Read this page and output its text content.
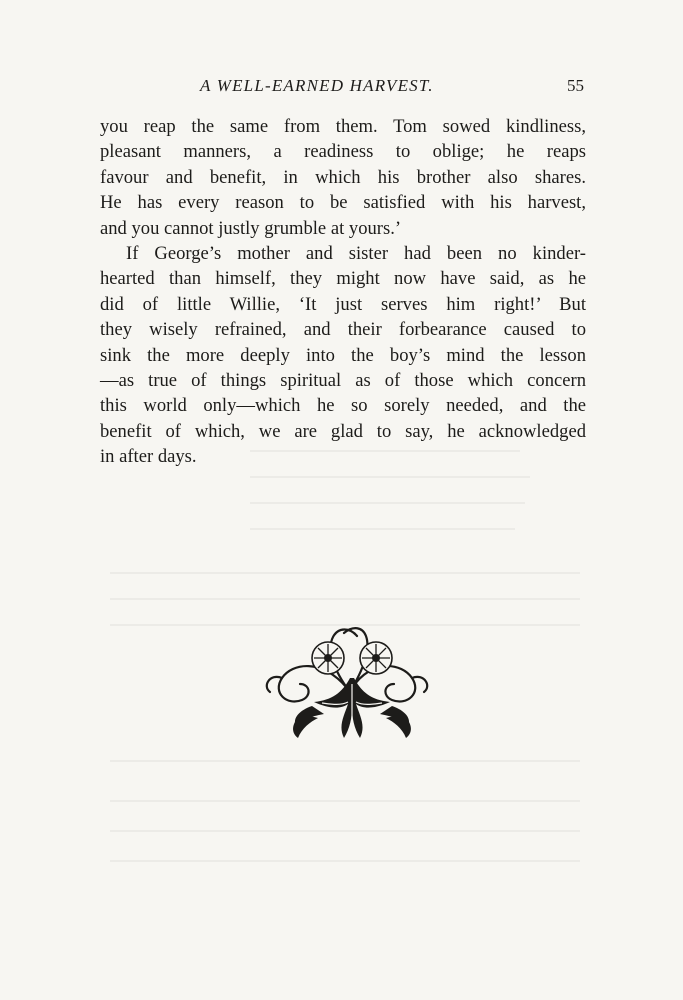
A WELL-EARNED HARVEST.	55
you reap the same from them. Tom sowed kindliness,
pleasant manners, a readiness to oblige; he reaps
favour and benefit, in which his brother also shares.
He has every reason to be satisfied with his harvest,
and you cannot justly grumble at yours.’
If George’s mother and sister had been no kinder-
hearted than himself, they might now have said, as he
did of little Willie, ‘It just serves him right!’ But
they wisely refrained, and their forbearance caused to
sink the more deeply into the boy’s mind the lesson
—as true of things spiritual as of those which concern
this world only—which he so sorely needed, and the
benefit of which, we are glad to say, he acknowledged
in after days.
